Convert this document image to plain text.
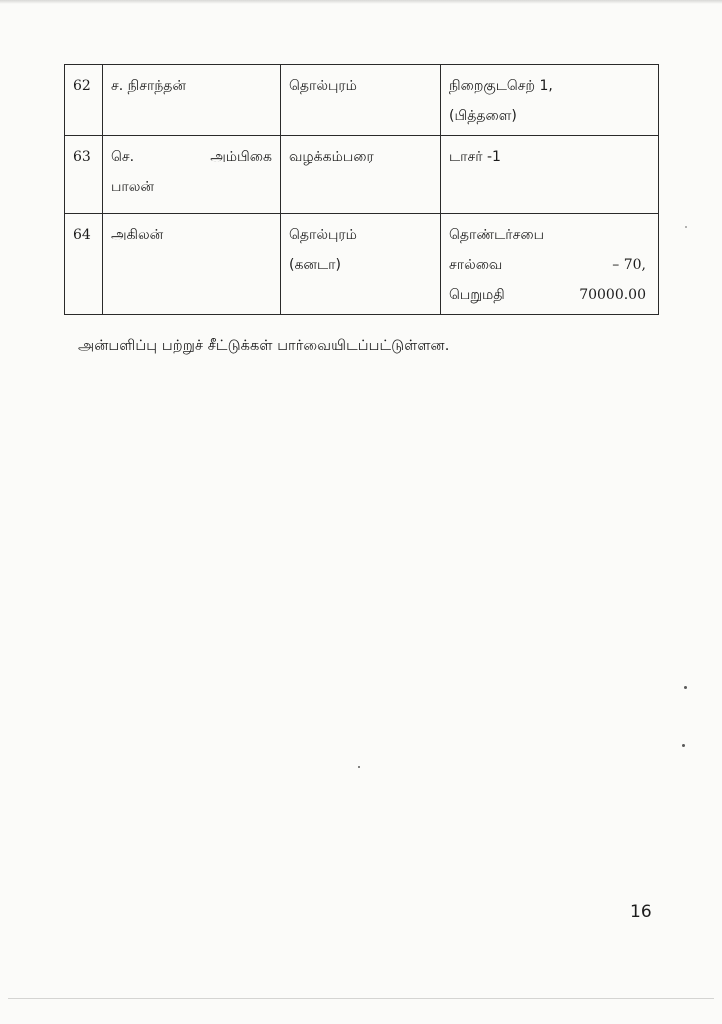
62	ச. நிசாந்தன்	தொல்புரம்	நிறைகுடசெற் 1,
(பித்தளை)

63	செ. அம்பிகை
பாலன்	வழக்கம்பரை	டாசர் -1

64	அகிலன்	தொல்புரம்
(கனடா)	தொண்டர்சபை
சால்வை – 70,
பெறுமதி 70000.00
அன்பளிப்பு பற்றுச் சீட்டுக்கள் பார்வையிடப்பட்டுள்ளன.
16
